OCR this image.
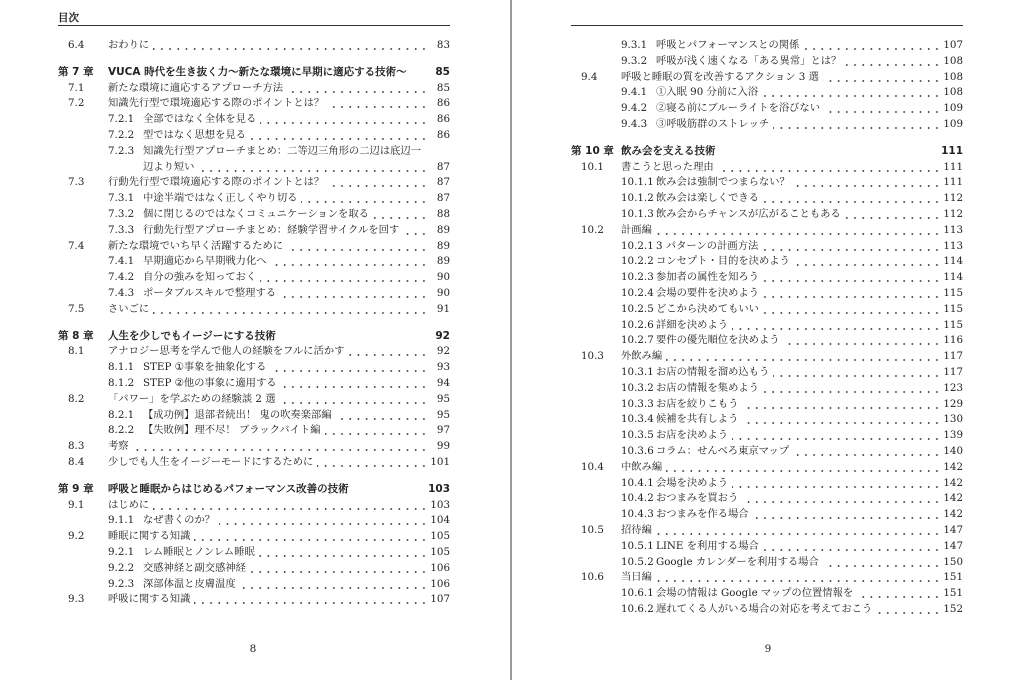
目次
6.4 おわりに	83
第 7 章 VUCA 時代を生き抜く力〜新たな環境に早期に適応する技術〜	85
7.1 新たな環境に適応するアプローチ方法	85
7.2 知識先行型で環境適応する際のポイントとは？	86
7.2.1 全部ではなく全体を見る	86
7.2.2 型ではなく思想を見る	86
7.2.3 知識先行型アプローチまとめ：二等辺三角形の二辺は底辺一
辺より短い	87
7.3 行動先行型で環境適応する際のポイントとは？	87
7.3.1 中途半端ではなく正しくやり切る	87
7.3.2 個に閉じるのではなくコミュニケーションを取る	88
7.3.3 行動先行型アプローチまとめ：経験学習サイクルを回す	89
7.4 新たな環境でいち早く活躍するために	89
7.4.1 早期適応から早期戦力化へ	89
7.4.2 自分の強みを知っておく	90
7.4.3 ポータブルスキルで整理する	90
7.5 さいごに	91
第 8 章 人生を少しでもイージーにする技術	92
8.1 アナロジー思考を学んで他人の経験をフルに活かす	92
8.1.1 STEP ①事象を抽象化する	93
8.1.2 STEP ②他の事象に適用する	94
8.2 「パワー」を学ぶための経験談 2 選	95
8.2.1 【成功例】退部者続出！ 鬼の吹奏楽部編	95
8.2.2 【失敗例】理不尽！ ブラックバイト編	97
8.3 考察	99
8.4 少しでも人生をイージーモードにするために	101
第 9 章 呼吸と睡眠からはじめるパフォーマンス改善の技術	103
9.1 はじめに	103
9.1.1 なぜ書くのか？	104
9.2 睡眠に関する知識	105
9.2.1 レム睡眠とノンレム睡眠	105
9.2.2 交感神経と副交感神経	106
9.2.3 深部体温と皮膚温度	106
9.3 呼吸に関する知識	107
8
9.3.1 呼吸とパフォーマンスとの関係	107
9.3.2 呼吸が浅く速くなる「ある異常」とは？	108
9.4 呼吸と睡眠の質を改善するアクション 3 選	108
9.4.1 ①入眠 90 分前に入浴	108
9.4.2 ②寝る前にブルーライトを浴びない	109
9.4.3 ③呼吸筋群のストレッチ	109
第 10 章 飲み会を支える技術	111
10.1 書こうと思った理由	111
10.1.1 飲み会は強制でつまらない？	111
10.1.2 飲み会は楽しくできる	112
10.1.3 飲み会からチャンスが広がることもある	112
10.2 計画編	113
10.2.1 3 パターンの計画方法	113
10.2.2 コンセプト・目的を決めよう	114
10.2.3 参加者の属性を知ろう	114
10.2.4 会場の要件を決めよう	115
10.2.5 どこから決めてもいい	115
10.2.6 詳細を決めよう	115
10.2.7 要件の優先順位を決めよう	116
10.3 外飲み編	117
10.3.1 お店の情報を溜め込もう	117
10.3.2 お店の情報を集めよう	123
10.3.3 お店を絞りこもう	129
10.3.4 候補を共有しよう	130
10.3.5 お店を決めよう	139
10.3.6 コラム：せんべろ東京マップ	140
10.4 中飲み編	142
10.4.1 会場を決めよう	142
10.4.2 おつまみを買おう	142
10.4.3 おつまみを作る場合	142
10.5 招待編	147
10.5.1 LINE を利用する場合	147
10.5.2 Google カレンダーを利用する場合	150
10.6 当日編	151
10.6.1 会場の情報は Google マップの位置情報を	151
10.6.2 遅れてくる人がいる場合の対応を考えておこう	152
9
